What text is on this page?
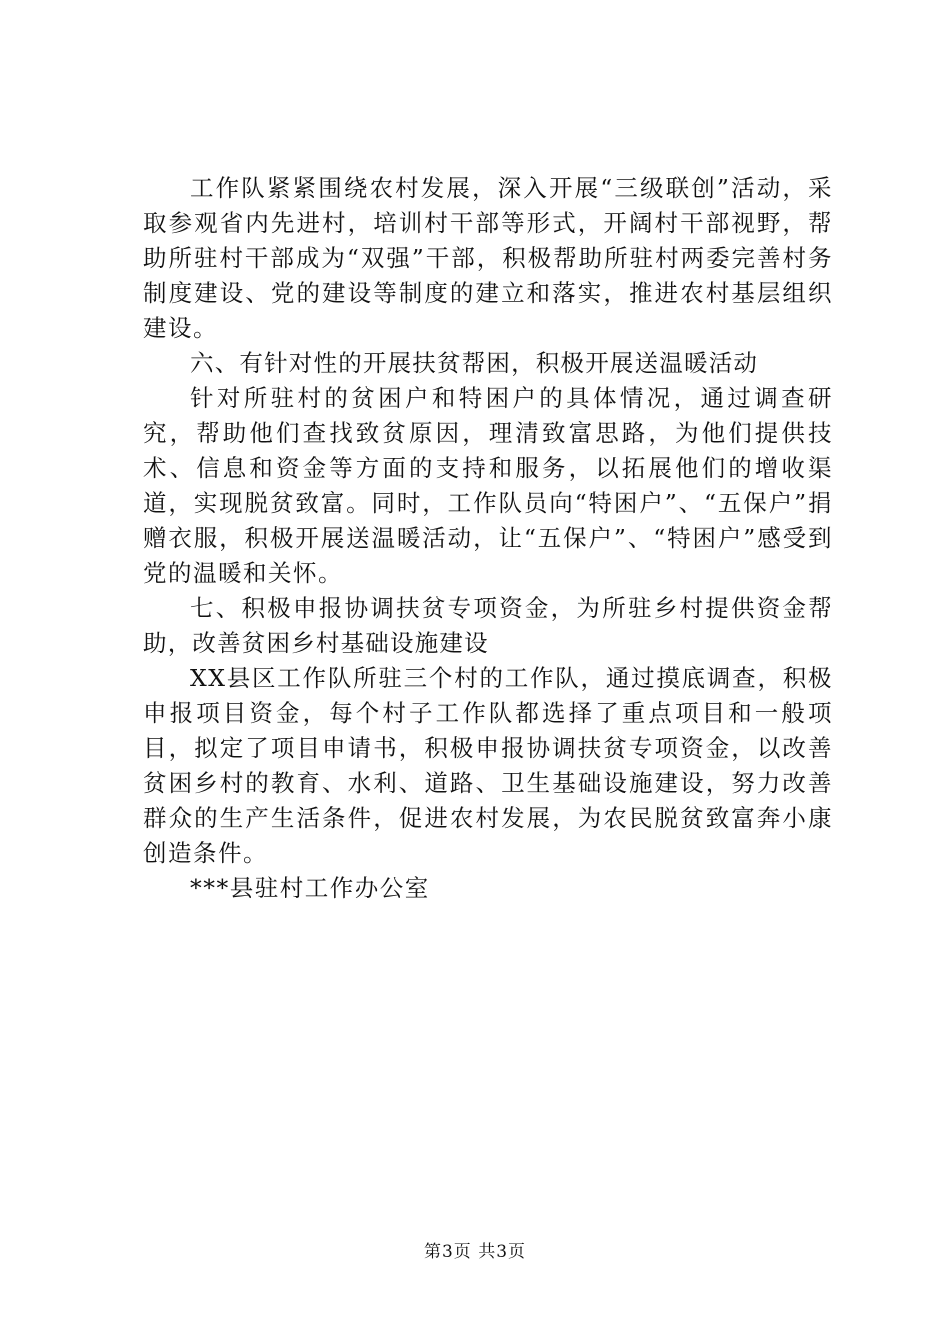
工作队紧紧围绕农村发展，深入开展“三级联创”活动，采取参观省内先进村，培训村干部等形式，开阔村干部视野，帮助所驻村干部成为“双强”干部，积极帮助所驻村两委完善村务制度建设、党的建设等制度的建立和落实，推进农村基层组织建设。

六、有针对性的开展扶贫帮困，积极开展送温暖活动

针对所驻村的贫困户和特困户的具体情况，通过调查研究，帮助他们查找致贫原因，理清致富思路，为他们提供技术、信息和资金等方面的支持和服务，以拓展他们的增收渠道，实现脱贫致富。同时，工作队员向“特困户”、“五保户”捐赠衣服，积极开展送温暖活动，让“五保户”、“特困户”感受到党的温暖和关怀。

七、积极申报协调扶贫专项资金，为所驻乡村提供资金帮助，改善贫困乡村基础设施建设

XX县区工作队所驻三个村的工作队，通过摸底调查，积极申报项目资金，每个村子工作队都选择了重点项目和一般项目，拟定了项目申请书，积极申报协调扶贫专项资金，以改善贫困乡村的教育、水利、道路、卫生基础设施建设，努力改善群众的生产生活条件，促进农村发展，为农民脱贫致富奔小康创造条件。

***县驻村工作办公室

第3页 共3页
